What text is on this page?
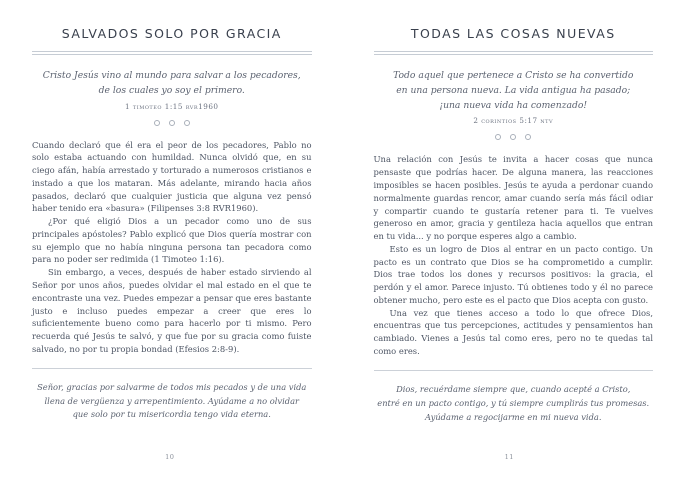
SALVADOS SOLO POR GRACIA
Cristo Jesús vino al mundo para salvar a los pecadores,
de los cuales yo soy el primero.
1 timoteo 1:15 rvr1960

Cuando declaró que él era el peor de los pecadores, Pablo no solo estaba actuando con humildad. Nunca olvidó que, en su ciego afán, había arrestado y torturado a numerosos cristianos e instado a que los mataran. Más adelante, mirando hacia años pasados, declaró que cualquier justicia que alguna vez pensó haber tenido era «basura» (Filipenses 3:8 RVR1960).

¿Por qué eligió Dios a un pecador como uno de sus principales apóstoles? Pablo explicó que Dios quería mostrar con su ejemplo que no había ninguna persona tan pecadora como para no poder ser redimida (1 Timoteo 1:16).

Sin embargo, a veces, después de haber estado sirviendo al Señor por unos años, puedes olvidar el mal estado en el que te encontraste una vez. Puedes empezar a pensar que eres bastante justo e incluso puedes empezar a creer que eres lo suficientemente bueno como para hacerlo por ti mismo. Pero recuerda qué Jesús te salvó, y que fue por su gracia como fuiste salvado, no por tu propia bondad (Efesios 2:8-9).

Señor, gracias por salvarme de todos mis pecados y de una vida
llena de vergüenza y arrepentimiento. Ayúdame a no olvidar
que solo por tu misericordia tengo vida eterna.
10
TODAS LAS COSAS NUEVAS
Todo aquel que pertenece a Cristo se ha convertido
en una persona nueva. La vida antigua ha pasado;
¡una nueva vida ha comenzado!
2 corintios 5:17 ntv

Una relación con Jesús te invita a hacer cosas que nunca pensaste que podrías hacer. De alguna manera, las reacciones imposibles se hacen posibles. Jesús te ayuda a perdonar cuando normalmente guardas rencor, amar cuando sería más fácil odiar y compartir cuando te gustaría retener para ti. Te vuelves generoso en amor, gracia y gentileza hacia aquellos que entran en tu vida... y no porque esperes algo a cambio.

Esto es un logro de Dios al entrar en un pacto contigo. Un pacto es un contrato que Dios se ha comprometido a cumplir. Dios trae todos los dones y recursos positivos: la gracia, el perdón y el amor. Parece injusto. Tú obtienes todo y él no parece obtener mucho, pero este es el pacto que Dios acepta con gusto.

Una vez que tienes acceso a todo lo que ofrece Dios, encuentras que tus percepciones, actitudes y pensamientos han cambiado. Vienes a Jesús tal como eres, pero no te quedas tal como eres.

Dios, recuérdame siempre que, cuando acepté a Cristo,
entré en un pacto contigo, y tú siempre cumplirás tus promesas.
Ayúdame a regocijarme en mi nueva vida.
11
